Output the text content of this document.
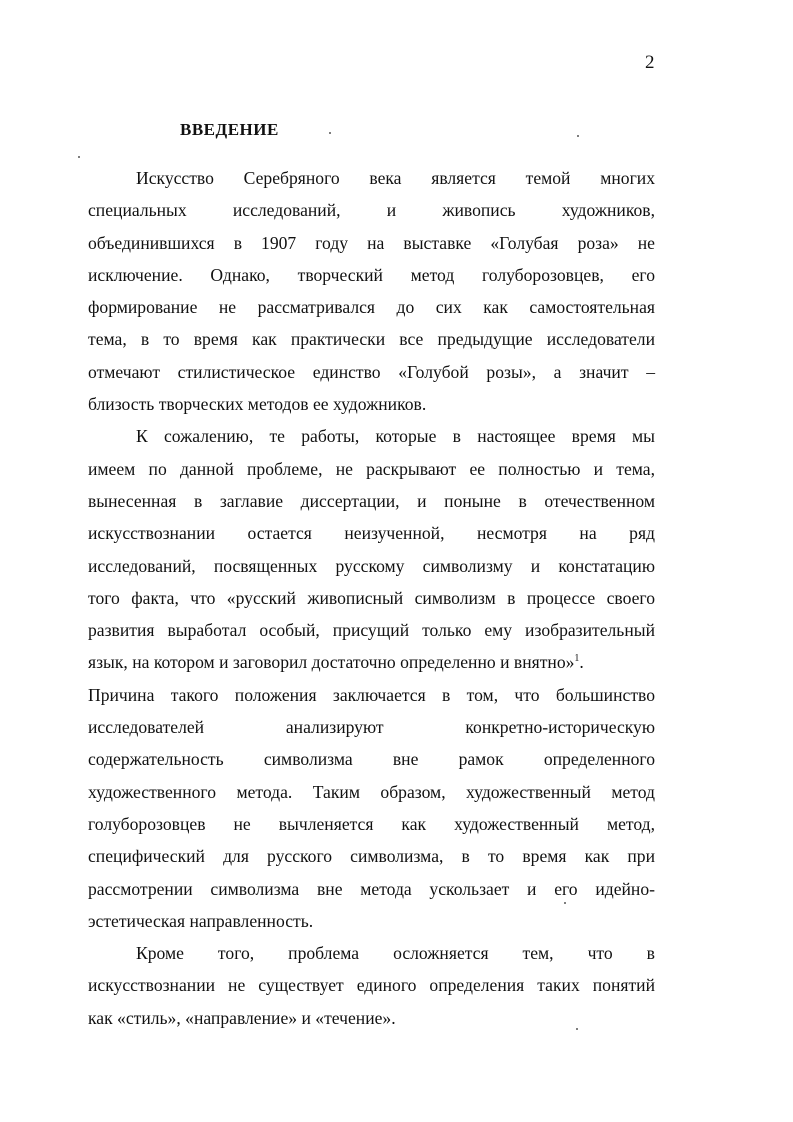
2
ВВЕДЕНИЕ
Искусство Серебряного века является темой многих
специальных исследований, и живопись художников,
объединившихся в 1907 году на выставке «Голубая роза» не
исключение. Однако, творческий метод голуборозовцев, его
формирование не рассматривался до сих как самостоятельная
тема, в то время как практически все предыдущие исследователи
отмечают стилистическое единство «Голубой розы», а значит –
близость творческих методов ее художников.
К сожалению, те работы, которые в настоящее время мы
имеем по данной проблеме, не раскрывают ее полностью и тема,
вынесенная в заглавие диссертации, и поныне в отечественном
искусствознании остается неизученной, несмотря на ряд
исследований, посвященных русскому символизму и констатацию
того факта, что «русский живописный символизм в процессе своего
развития выработал особый, присущий только ему изобразительный
язык, на котором и заговорил достаточно определенно и внятно»$^1$.
Причина такого положения заключается в том, что большинство
исследователей анализируют конкретно-историческую
содержательность символизма вне рамок определенного
художественного метода. Таким образом, художественный метод
голуборозовцев не вычленяется как художественный метод,
специфический для русского символизма, в то время как при
рассмотрении символизма вне метода ускользает и его идейно-
эстетическая направленность.
Кроме того, проблема осложняется тем, что в
искусствознании не существует единого определения таких понятий
как «стиль», «направление» и «течение».
